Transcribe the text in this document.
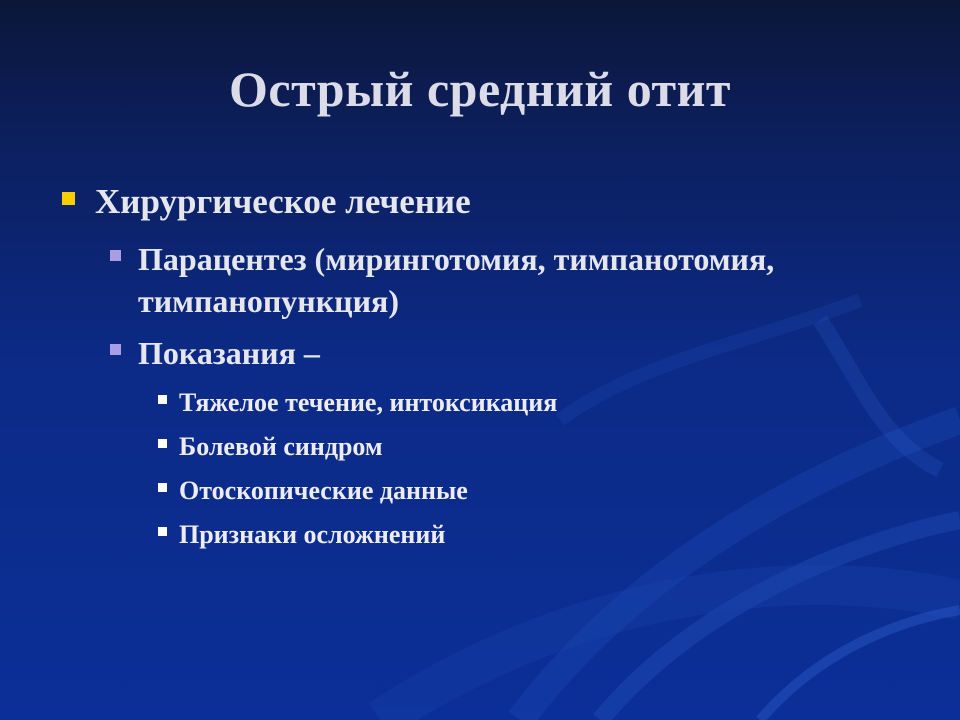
Острый средний отит
Хирургическое лечение
Парацентез (миринготомия, тимпанотомия,
тимпанопункция)
Показания –
Тяжелое течение, интоксикация
Болевой синдром
Отоскопические данные
Признаки осложнений
